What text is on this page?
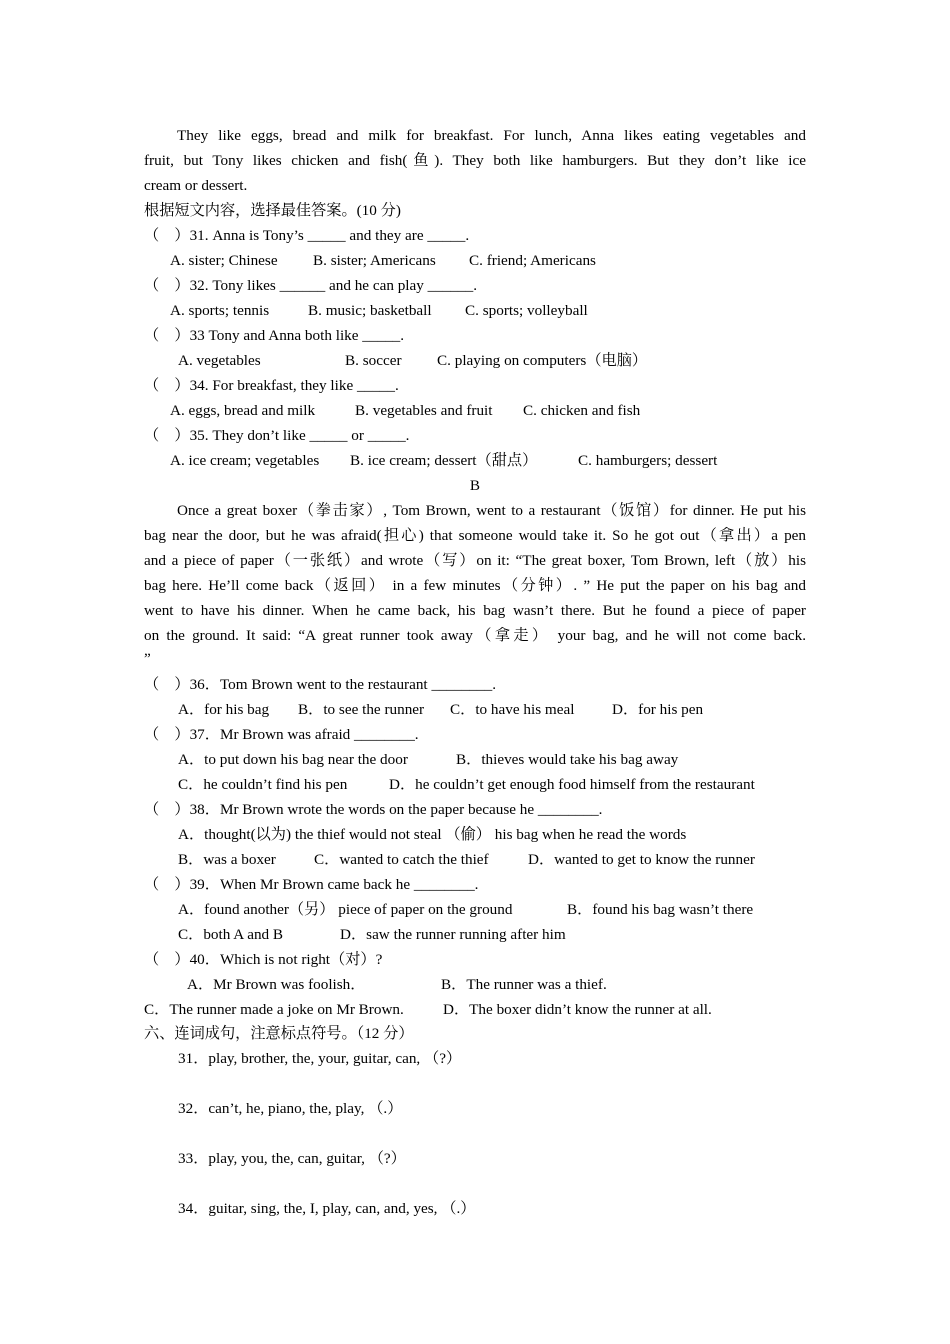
They like eggs, bread and milk for breakfast. For lunch, Anna likes eating vegetables and
fruit, but Tony likes chicken and fish(鱼). They both like hamburgers. But they don’t like ice
cream or dessert.
根据短文内容，选择最佳答案。(10 分)
（　）31. Anna is Tony’s _____ and they are _____.
A. sister; Chinese B. sister; Americans C. friend; Americans
（　）32. Tony likes ______ and he can play ______.
A. sports; tennis	B. music; basketball C. sports; volleyball
（　）33 Tony and Anna both like _____.
A. vegetables	B. soccer C. playing on computers（电脑）
（　）34. For breakfast, they like _____.
A. eggs, bread and milk	B. vegetables and fruit C. chicken and fish
（　）35. They don’t like _____ or _____.
A. ice cream; vegetables B. ice cream; dessert（甜点）	C. hamburgers; dessert
B
Once a great boxer（拳击家）, Tom Brown, went to a restaurant（饭馆）for dinner. He put his
bag near the door, but he was afraid(担心) that someone would take it. So he got out（拿出）a pen
and a piece of paper（一张纸）and wrote（写）on it: “The great boxer, Tom Brown, left（放）his
bag here. He’ll come back（返回） in a few minutes（分钟）. ” He put the paper on his bag and
went to have his dinner. When he came back, his bag wasn’t there. But he found a piece of paper
on the ground. It said: “A great runner took away（拿走） your bag, and he will not come back.
”
（　）36．Tom Brown went to the restaurant ________.
A．for his bag B．to see the runner C．to have his meal D．for his pen
（　）37．Mr Brown was afraid ________.
A．to put down his bag near the door	B．thieves would take his bag away
C．he couldn’t find his pen	D．he couldn’t get enough food himself from the restaurant
（　）38．Mr Brown wrote the words on the paper because he ________.
A．thought(以为) the thief would not steal （偷） his bag when he read the words
B．was a boxer	C．wanted to catch the thief	D．wanted to get to know the runner
（　）39．When Mr Brown came back he ________.
A．found another（另） piece of paper on the ground	B．found his bag wasn’t there
C．both A and B	D．saw the runner running after him
（　）40．Which is not right（对）?
A．Mr Brown was foolish．	B．The runner was a thief.
C．The runner made a joke on Mr Brown.	D．The boxer didn’t know the runner at all.
六、连词成句，注意标点符号。（12 分）
31．play, brother, the, your, guitar, can, （?）
32．can’t, he, piano, the, play, （.）
33．play, you, the, can, guitar, （?）
34．guitar, sing, the, I, play, can, and, yes, （.）
